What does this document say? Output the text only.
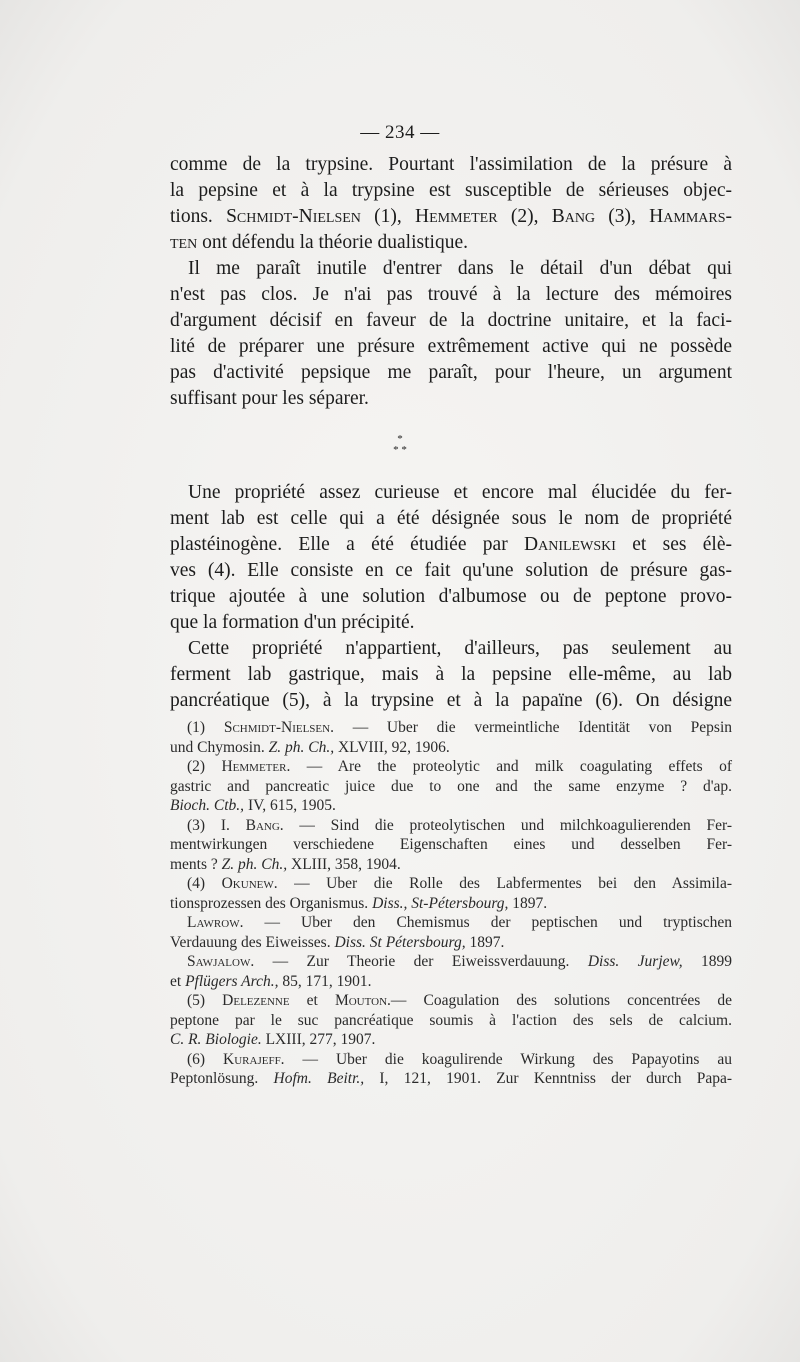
— 234 —
comme de la trypsine. Pourtant l'assimilation de la présure à
la pepsine et à la trypsine est susceptible de sérieuses objec-
tions. Schmidt-Nielsen (1), Hemmeter (2), Bang (3), Hammars-
ten ont défendu la théorie dualistique.
Il me paraît inutile d'entrer dans le détail d'un débat qui
n'est pas clos. Je n'ai pas trouvé à la lecture des mémoires
d'argument décisif en faveur de la doctrine unitaire, et la faci-
lité de préparer une présure extrêmement active qui ne possède
pas d'activité pepsique me paraît, pour l'heure, un argument
suffisant pour les séparer.
*
* *
Une propriété assez curieuse et encore mal élucidée du fer-
ment lab est celle qui a été désignée sous le nom de propriété
plastéinogène. Elle a été étudiée par Danilewski et ses élè-
ves (4). Elle consiste en ce fait qu'une solution de présure gas-
trique ajoutée à une solution d'albumose ou de peptone provo-
que la formation d'un précipité.
Cette propriété n'appartient, d'ailleurs, pas seulement au
ferment lab gastrique, mais à la pepsine elle-même, au lab
pancréatique (5), à la trypsine et à la papaïne (6). On désigne
(1) Schmidt-Nielsen. — Uber die vermeintliche Identität von Pepsin
und Chymosin. Z. ph. Ch., XLVIII, 92, 1906.
(2) Hemmeter. — Are the proteolytic and milk coagulating effets of
gastric and pancreatic juice due to one and the same enzyme ? d'ap.
Bioch. Ctb., IV, 615, 1905.
(3) I. Bang. — Sind die proteolytischen und milchkoagulierenden Fer-
mentwirkungen verschiedene Eigenschaften eines und desselben Fer-
ments ? Z. ph. Ch., XLIII, 358, 1904.
(4) Okunew. — Uber die Rolle des Labfermentes bei den Assimila-
tionsprozessen des Organismus. Diss., St-Pétersbourg, 1897.
Lawrow. — Uber den Chemismus der peptischen und tryptischen
Verdauung des Eiweisses. Diss. St Pétersbourg, 1897.
Sawjalow. — Zur Theorie der Eiweissverdauung. Diss. Jurjew, 1899
et Pflügers Arch., 85, 171, 1901.
(5) Delezenne et Mouton.— Coagulation des solutions concentrées de
peptone par le suc pancréatique soumis à l'action des sels de calcium.
C. R. Biologie. LXIII, 277, 1907.
(6) Kurajeff. — Uber die koagulirende Wirkung des Papayotins au
Peptonlösung. Hofm. Beitr., I, 121, 1901. Zur Kenntniss der durch Papa-
